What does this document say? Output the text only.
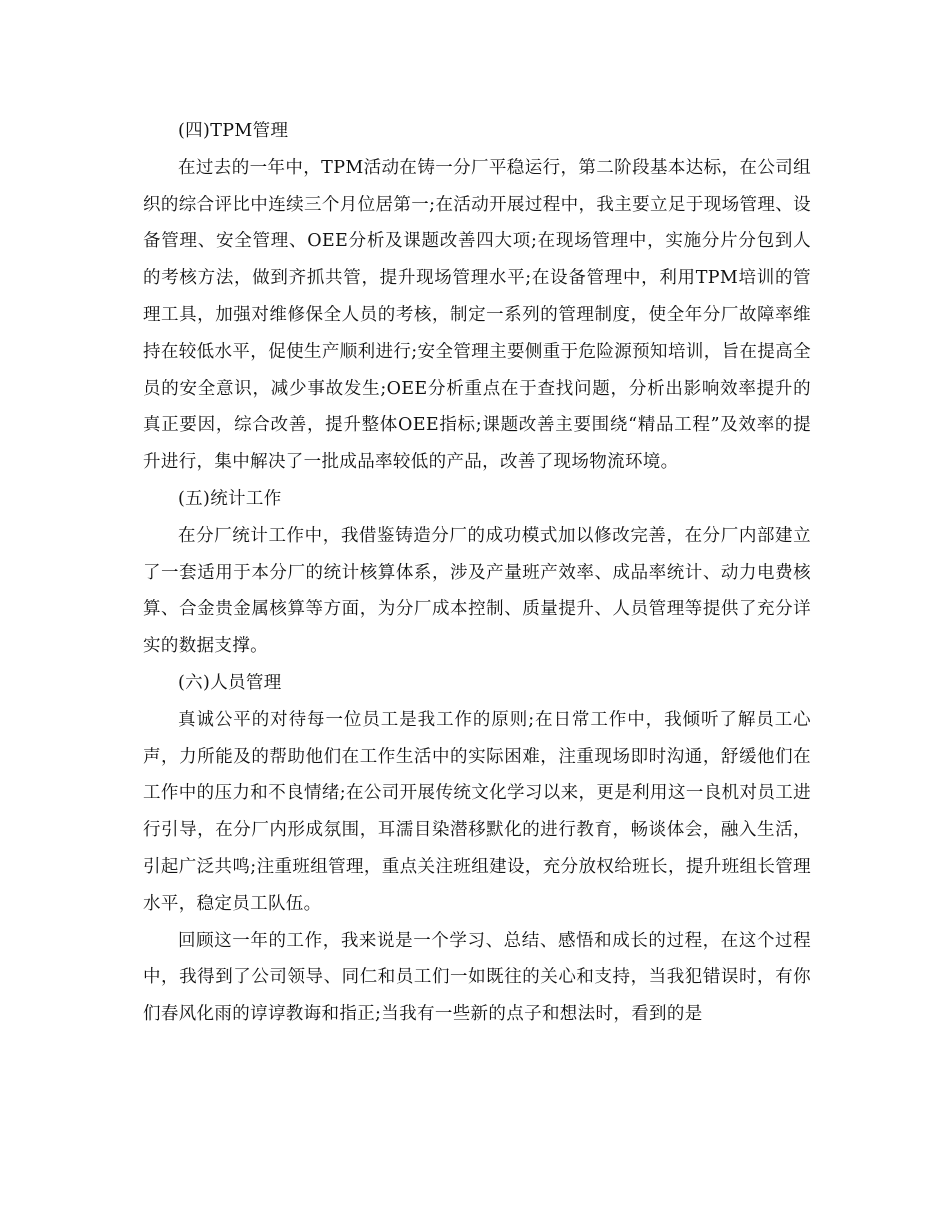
(四)TPM管理

在过去的一年中，TPM活动在铸一分厂平稳运行，第二阶段基本达标，在公司组织的综合评比中连续三个月位居第一;在活动开展过程中，我主要立足于现场管理、设备管理、安全管理、OEE分析及课题改善四大项;在现场管理中，实施分片分包到人的考核方法，做到齐抓共管，提升现场管理水平;在设备管理中，利用TPM培训的管理工具，加强对维修保全人员的考核，制定一系列的管理制度，使全年分厂故障率维持在较低水平，促使生产顺利进行;安全管理主要侧重于危险源预知培训，旨在提高全员的安全意识，减少事故发生;OEE分析重点在于查找问题，分析出影响效率提升的真正要因，综合改善，提升整体OEE指标;课题改善主要围绕“精品工程”及效率的提升进行，集中解决了一批成品率较低的产品，改善了现场物流环境。

(五)统计工作

在分厂统计工作中，我借鉴铸造分厂的成功模式加以修改完善，在分厂内部建立了一套适用于本分厂的统计核算体系，涉及产量班产效率、成品率统计、动力电费核算、合金贵金属核算等方面，为分厂成本控制、质量提升、人员管理等提供了充分详实的数据支撑。

(六)人员管理

真诚公平的对待每一位员工是我工作的原则;在日常工作中，我倾听了解员工心声，力所能及的帮助他们在工作生活中的实际困难，注重现场即时沟通，舒缓他们在工作中的压力和不良情绪;在公司开展传统文化学习以来，更是利用这一良机对员工进行引导，在分厂内形成氛围，耳濡目染潜移默化的进行教育，畅谈体会，融入生活，引起广泛共鸣;注重班组管理，重点关注班组建设，充分放权给班长，提升班组长管理水平，稳定员工队伍。

回顾这一年的工作，我来说是一个学习、总结、感悟和成长的过程，在这个过程中，我得到了公司领导、同仁和员工们一如既往的关心和支持，当我犯错误时，有你们春风化雨的谆谆教诲和指正;当我有一些新的点子和想法时，看到的是
